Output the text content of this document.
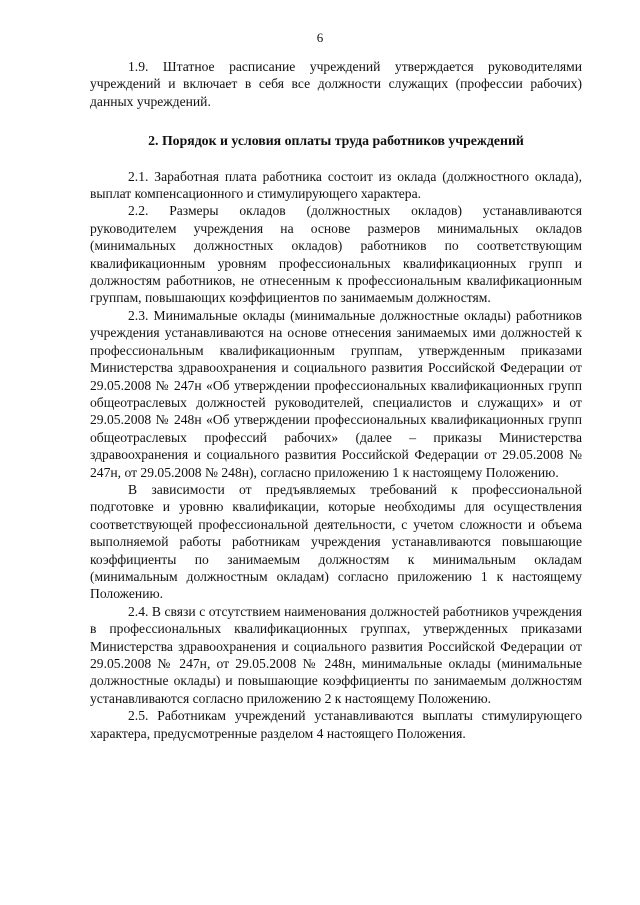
6

1.9. Штатное расписание учреждений утверждается руководителями учреждений и включает в себя все должности служащих (профессии рабочих) данных учреждений.

2. Порядок и условия оплаты труда работников учреждений

2.1. Заработная плата работника состоит из оклада (должностного оклада), выплат компенсационного и стимулирующего характера.

2.2. Размеры окладов (должностных окладов) устанавливаются руководителем учреждения на основе размеров минимальных окладов (минимальных должностных окладов) работников по соответствующим квалификационным уровням профессиональных квалификационных групп и должностям работников, не отнесенным к профессиональным квалификационным группам, повышающих коэффициентов по занимаемым должностям.

2.3. Минимальные оклады (минимальные должностные оклады) работников учреждения устанавливаются на основе отнесения занимаемых ими должностей к профессиональным квалификационным группам, утвержденным приказами Министерства здравоохранения и социального развития Российской Федерации от 29.05.2008 № 247н «Об утверждении профессиональных квалификационных групп общеотраслевых должностей руководителей, специалистов и служащих» и от 29.05.2008 № 248н «Об утверждении профессиональных квалификационных групп общеотраслевых профессий рабочих» (далее – приказы Министерства здравоохранения и социального развития Российской Федерации от 29.05.2008 № 247н, от 29.05.2008 № 248н), согласно приложению 1 к настоящему Положению.

В зависимости от предъявляемых требований к профессиональной подготовке и уровню квалификации, которые необходимы для осуществления соответствующей профессиональной деятельности, с учетом сложности и объема выполняемой работы работникам учреждения устанавливаются повышающие коэффициенты по занимаемым должностям к минимальным окладам (минимальным должностным окладам) согласно приложению 1 к настоящему Положению.

2.4. В связи с отсутствием наименования должностей работников учреждения в профессиональных квалификационных группах, утвержденных приказами Министерства здравоохранения и социального развития Российской Федерации от 29.05.2008 № 247н, от 29.05.2008 № 248н, минимальные оклады (минимальные должностные оклады) и повышающие коэффициенты по занимаемым должностям устанавливаются согласно приложению 2 к настоящему Положению.

2.5. Работникам учреждений устанавливаются выплаты стимулирующего характера, предусмотренные разделом 4 настоящего Положения.
